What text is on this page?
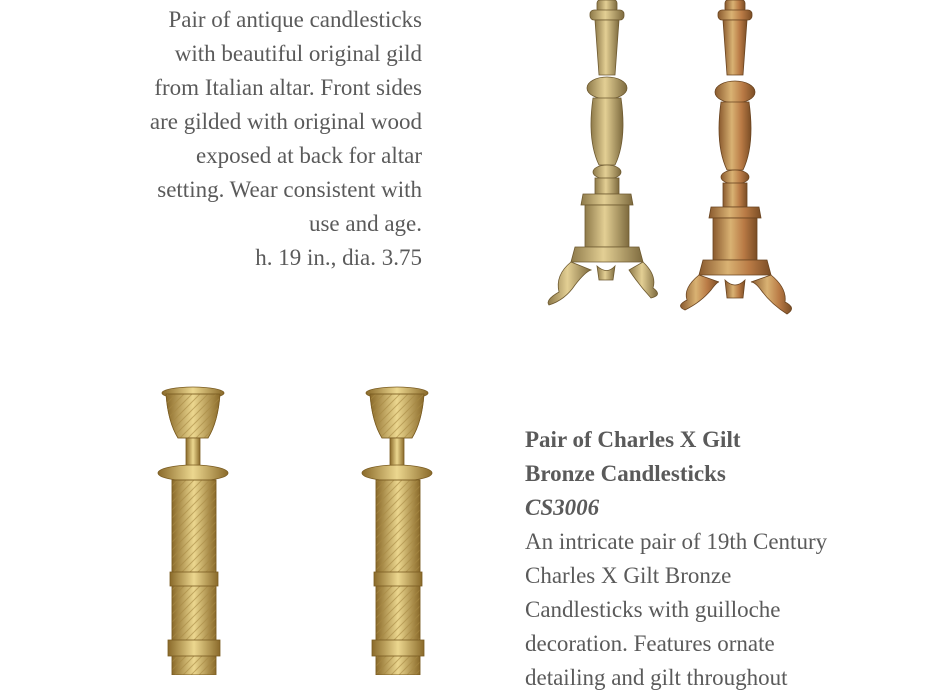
Pair of antique candlesticks
with beautiful original gild
from Italian altar. Front sides
are gilded with original wood
exposed at back for altar
setting. Wear consistent with
use and age.
h. 19 in., dia. 3.75
Pair of Charles X Gilt
Bronze Candlesticks
CS3006
An intricate pair of 19th Century
Charles X Gilt Bronze
Candlesticks with guilloche
decoration. Features ornate
detailing and gilt throughout
